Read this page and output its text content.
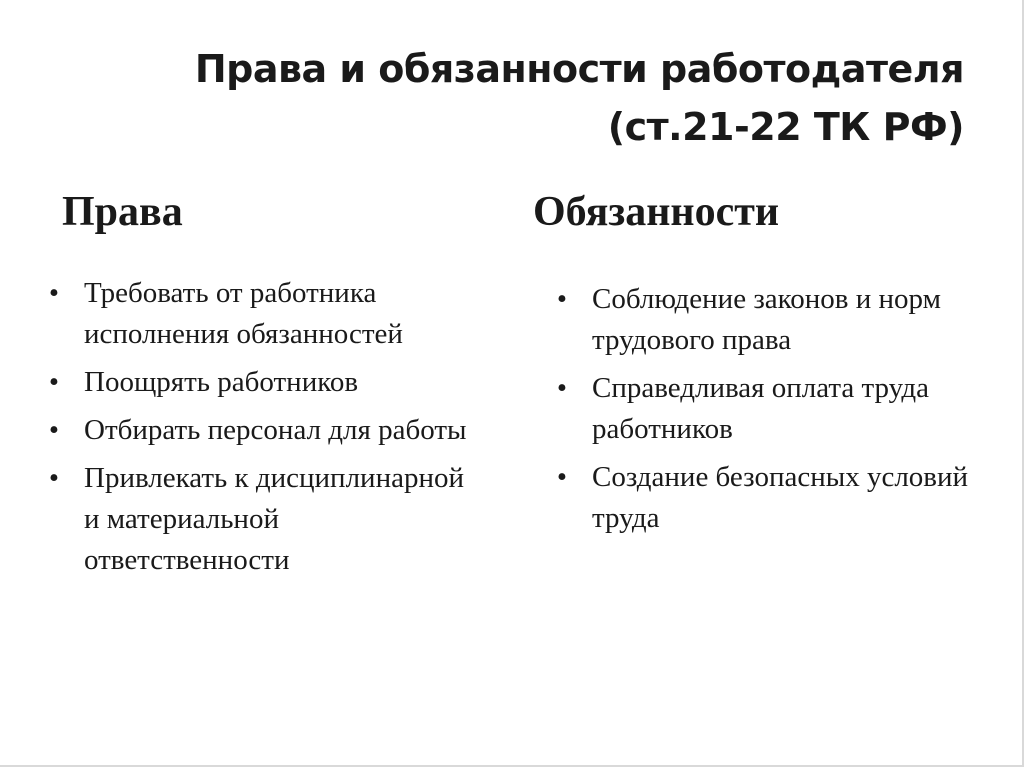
Права и обязанности работодателя
(ст.21-22 ТК РФ)
Права	Обязанности
• Требовать от работника исполнения обязанностей
• Поощрять работников
• Отбирать персонал для работы
• Привлекать к дисциплинарной и материальной ответственности
• Соблюдение законов и норм трудового права
• Справедливая оплата труда работников
• Создание безопасных условий труда
